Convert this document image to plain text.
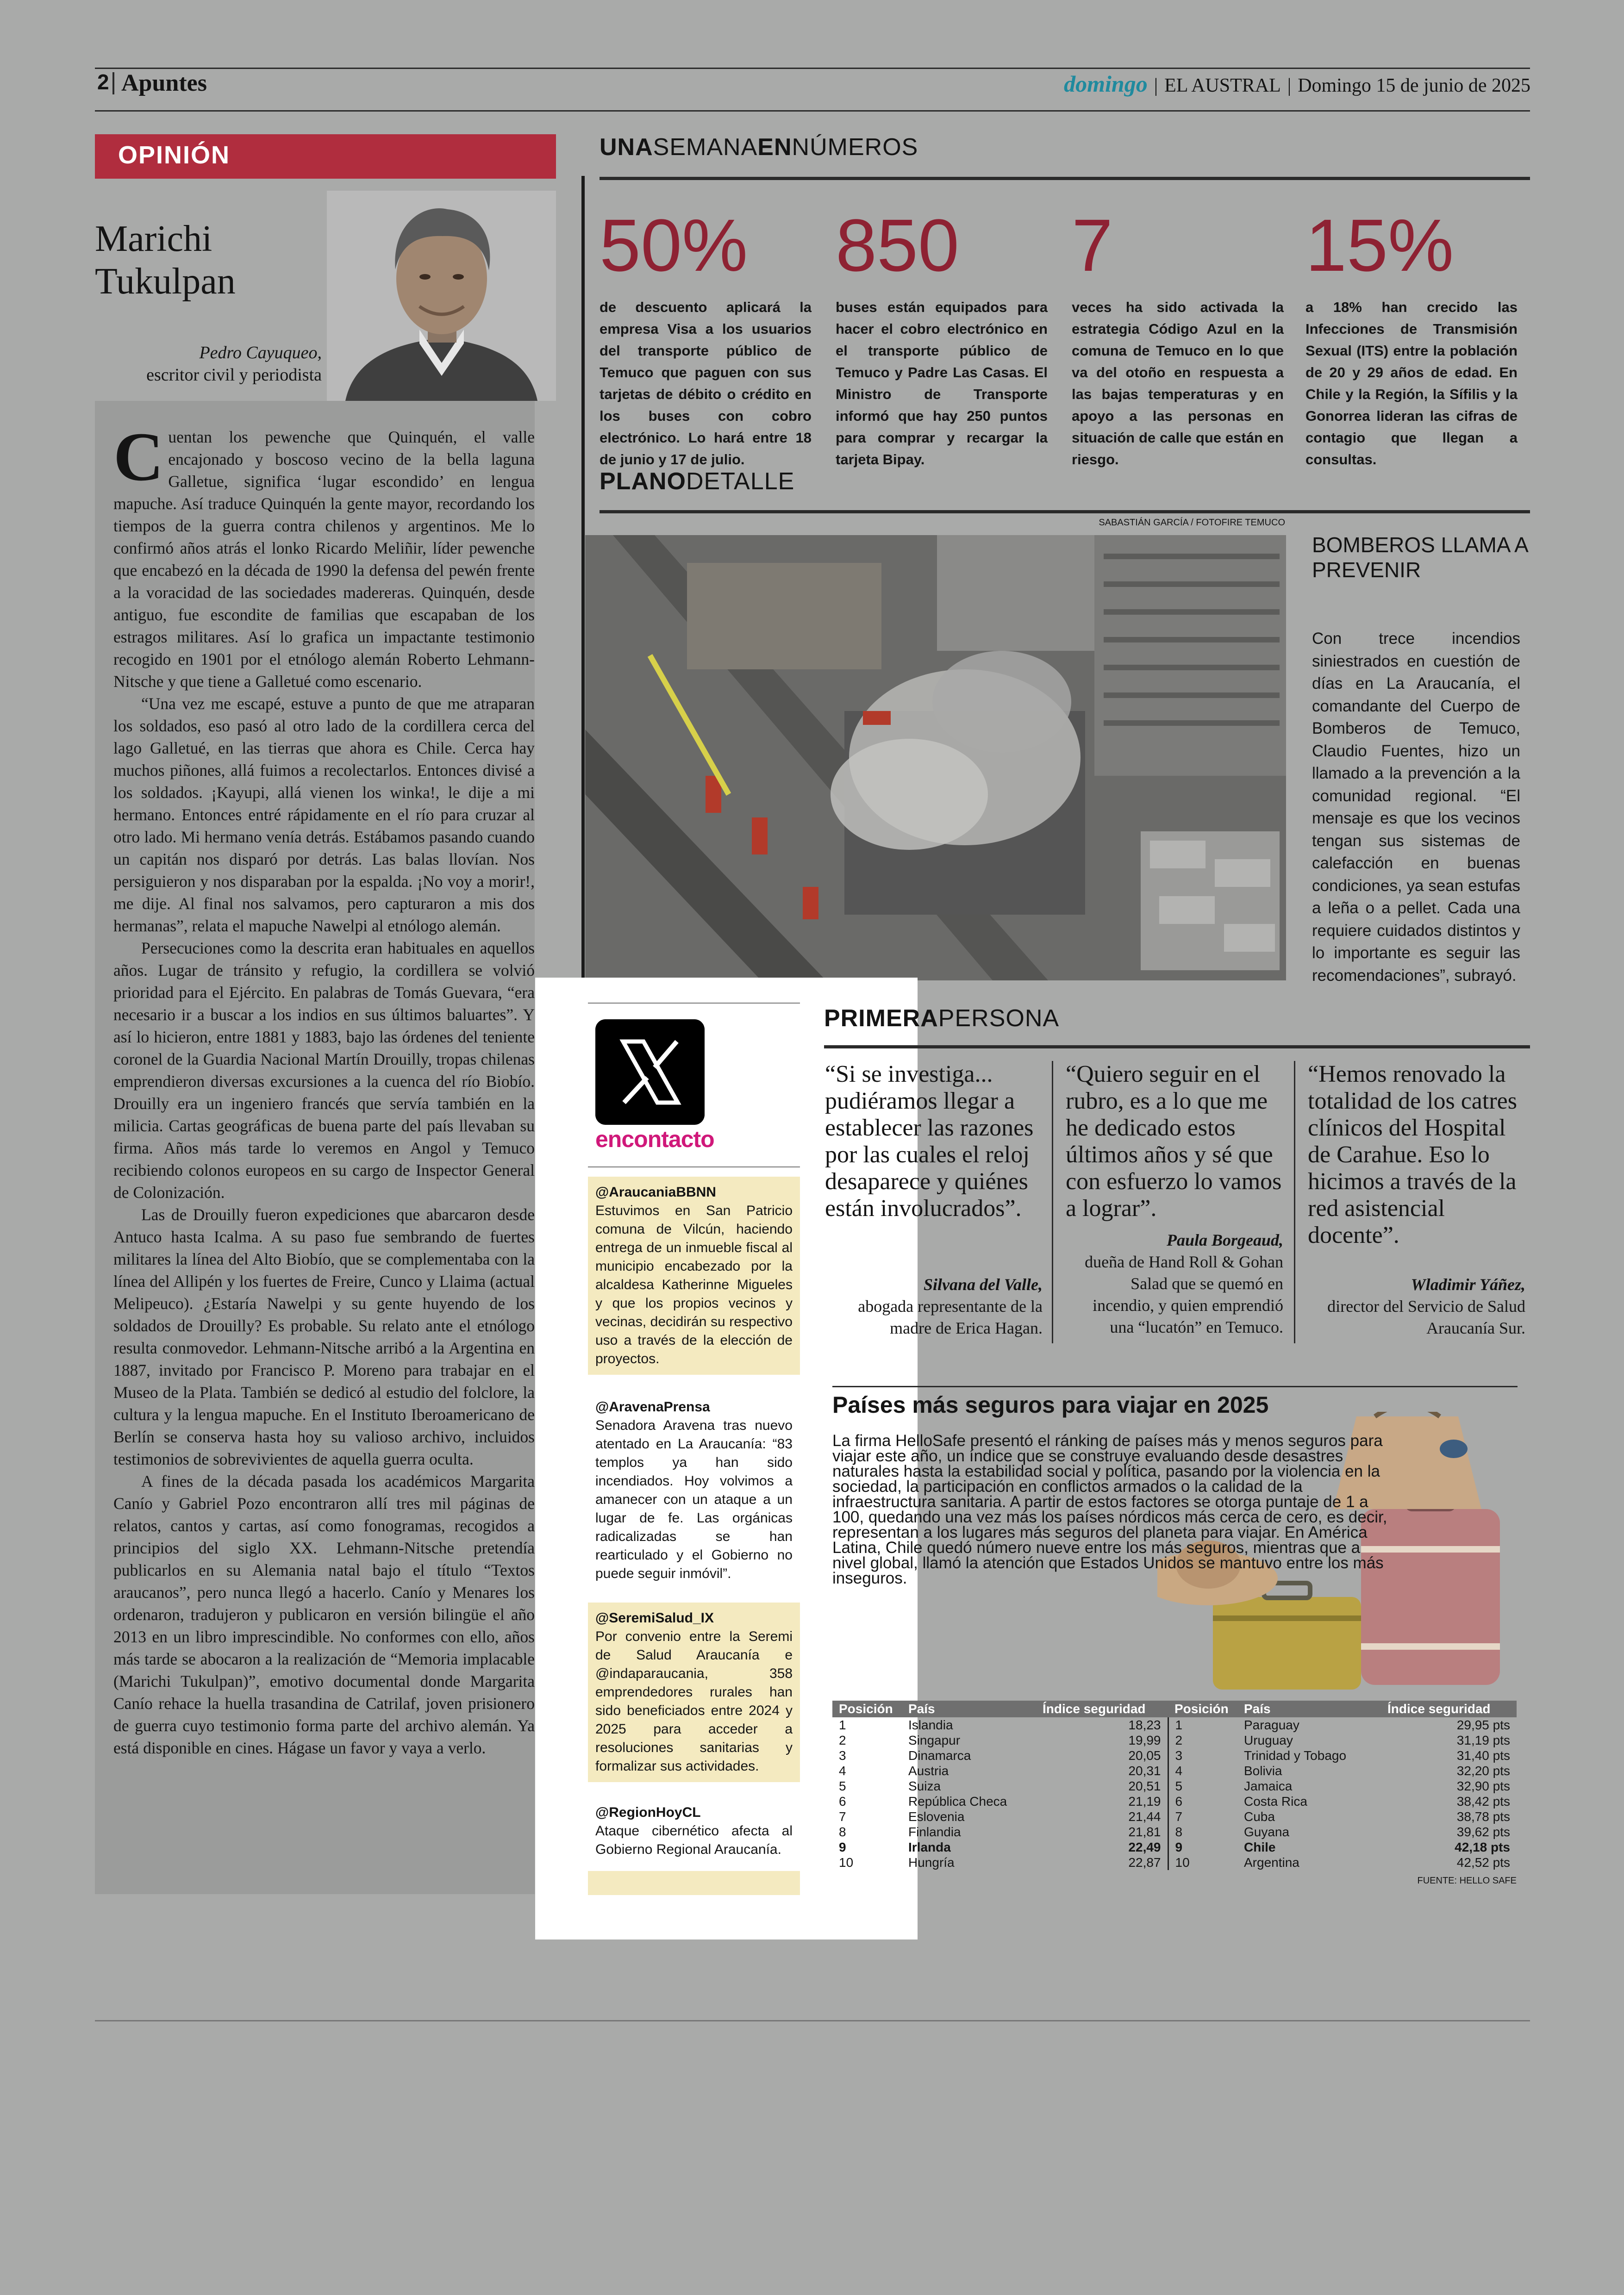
2 Apuntes	domingo | EL AUSTRAL | Domingo 15 de junio de 2025
OPINIÓN
Marichi
Tukulpan
Pedro Cayuqueo,
escritor civil y periodista

Cuentan los pewenche que Quinquén, el valle encajonado y boscoso vecino de la bella laguna Galletue, significa ‘lugar escondido’ en lengua mapuche. Así traduce Quinquén la gente mayor, recordando los tiempos de la guerra contra chilenos y argentinos. Me lo confirmó años atrás el lonko Ricardo Meliñir, líder pewenche que encabezó en la década de 1990 la defensa del pewén frente a la voracidad de las sociedades madereras. Quinquén, desde antiguo, fue escondite de familias que escapaban de los estragos militares. Así lo grafica un impactante testimonio recogido en 1901 por el etnólogo alemán Roberto Lehmann-Nitsche y que tiene a Galletué como escenario.

“Una vez me escapé, estuve a punto de que me atraparan los soldados, eso pasó al otro lado de la cordillera cerca del lago Galletué, en las tierras que ahora es Chile. Cerca hay muchos piñones, allá fuimos a recolectarlos. Entonces divisé a los soldados. ¡Kayupi, allá vienen los winka!, le dije a mi hermano. Entonces entré rápidamente en el río para cruzar al otro lado. Mi hermano venía detrás. Estábamos pasando cuando un capitán nos disparó por detrás. Las balas llovían. Nos persiguieron y nos disparaban por la espalda. ¡No voy a morir!, me dije. Al final nos salvamos, pero capturaron a mis dos hermanas”, relata el mapuche Nawelpi al etnólogo alemán.

Persecuciones como la descrita eran habituales en aquellos años. Lugar de tránsito y refugio, la cordillera se volvió prioridad para el Ejército. En palabras de Tomás Guevara, “era necesario ir a buscar a los indios en sus últimos baluartes”. Y así lo hicieron, entre 1881 y 1883, bajo las órdenes del teniente coronel de la Guardia Nacional Martín Drouilly, tropas chilenas emprendieron diversas excursiones a la cuenca del río Biobío. Drouilly era un ingeniero francés que servía también en la milicia. Cartas geográficas de buena parte del país llevaban su firma. Años más tarde lo veremos en Angol y Temuco recibiendo colonos europeos en su cargo de Inspector General de Colonización.

Las de Drouilly fueron expediciones que abarcaron desde Antuco hasta Icalma. A su paso fue sembrando de fuertes militares la línea del Alto Biobío, que se complementaba con la línea del Allipén y los fuertes de Freire, Cunco y Llaima (actual Melipeuco). ¿Estaría Nawelpi y su gente huyendo de los soldados de Drouilly? Es probable. Su relato ante el etnólogo resulta conmovedor. Lehmann-Nitsche arribó a la Argentina en 1887, invitado por Francisco P. Moreno para trabajar en el Museo de la Plata. También se dedicó al estudio del folclore, la cultura y la lengua mapuche. En el Instituto Iberoamericano de Berlín se conserva hasta hoy su valioso archivo, incluidos testimonios de sobrevivientes de aquella guerra oculta.

A fines de la década pasada los académicos Margarita Canío y Gabriel Pozo encontraron allí tres mil páginas de relatos, cantos y cartas, así como fonogramas, recogidos a principios del siglo XX. Lehmann-Nitsche pretendía publicarlos en su Alemania natal bajo el título “Textos araucanos”, pero nunca llegó a hacerlo. Canío y Menares los ordenaron, tradujeron y publicaron en versión bilingüe el año 2013 en un libro imprescindible. No conformes con ello, años más tarde se abocaron a la realización de “Memoria implacable (Marichi Tukulpan)”, emotivo documental donde Margarita Canío rehace la huella trasandina de Catrilaf, joven prisionero de guerra cuyo testimonio forma parte del archivo alemán. Ya está disponible en cines. Hágase un favor y vaya a verlo.

UNASEMANAENNÚMEROS
50%
de descuento aplicará la empresa Visa a los usuarios del transporte público de Temuco que paguen con sus tarjetas de débito o crédito en los buses con cobro electrónico. Lo hará entre 18 de junio y 17 de julio.
850
buses están equipados para hacer el cobro electrónico en el transporte público de Temuco y Padre Las Casas. El Ministro de Transporte informó que hay 250 puntos para comprar y recargar la tarjeta Bipay.
7
veces ha sido activada la estrategia Código Azul en la comuna de Temuco en lo que va del otoño en respuesta a las bajas temperaturas y en apoyo a las personas en situación de calle que están en riesgo.
15%
a 18% han crecido las Infecciones de Transmisión Sexual (ITS) entre la población de 20 y 29 años de edad. En Chile y la Región, la Sífilis y la Gonorrea lideran las cifras de contagio que llegan a consultas.
PLANODETALLE
SABASTIÁN GARCÍA / FOTOFIRE TEMUCO
BOMBEROS LLAMA A PREVENIR
Con trece incendios siniestrados en cuestión de días en La Araucanía, el comandante del Cuerpo de Bomberos de Temuco, Claudio Fuentes, hizo un llamado a la prevención a la comunidad regional. “El mensaje es que los vecinos tengan sus sistemas de calefacción en buenas condiciones, ya sean estufas a leña o a pellet. Cada una requiere cuidados distintos y lo importante es seguir las recomendaciones”, subrayó.
encontacto
@AraucaniaBBNN
Estuvimos en San Patricio comuna de Vilcún, haciendo entrega de un inmueble fiscal al municipio encabezado por la alcaldesa Katherinne Migueles y que los propios vecinos y vecinas, decidirán su respectivo uso a través de la elección de proyectos.
@AravenaPrensa
Senadora Aravena tras nuevo atentado en La Araucanía: “83 templos ya han sido incendiados. Hoy volvimos a amanecer con un ataque a un lugar de fe. Las orgánicas radicalizadas se han rearticulado y el Gobierno no puede seguir inmóvil”.
@SeremiSalud_IX
Por convenio entre la Seremi de Salud Araucanía e @indaparaucania, 358 emprendedores rurales han sido beneficiados entre 2024 y 2025 para acceder a resoluciones sanitarias y formalizar sus actividades.
@RegionHoyCL
Ataque cibernético afecta al Gobierno Regional Araucanía.
PRIMERAPERSONA
“Si se investiga... pudiéramos llegar a establecer las razones por las cuales el reloj desaparece y quiénes están involucrados”.
Silvana del Valle,
abogada representante de la madre de Erica Hagan.
“Quiero seguir en el rubro, es a lo que me he dedicado estos últimos años y sé que con esfuerzo lo vamos a lograr”.
Paula Borgeaud,
dueña de Hand Roll & Gohan Salad que se quemó en incendio, y quien emprendió una “lucatón” en Temuco.
“Hemos renovado la totalidad de los catres clínicos del Hospital de Carahue. Eso lo hicimos a través de la red asistencial docente”.
Wladimir Yáñez,
director del Servicio de Salud Araucanía Sur.
Países más seguros para viajar en 2025
La firma HelloSafe presentó el ránking de países más y menos seguros para viajar este año, un índice que se construye evaluando desde desastres naturales hasta la estabilidad social y política, pasando por la violencia en la sociedad, la participación en conflictos armados o la calidad de la infraestructura sanitaria. A partir de estos factores se otorga puntaje de 1 a 100, quedando una vez más los países nórdicos más cerca de cero, es decir, representan a los lugares más seguros del planeta para viajar. En América Latina, Chile quedó número nueve entre los más seguros, mientras que a nivel global, llamó la atención que Estados Unidos se mantuvo entre los más inseguros.
Posición	País	Índice seguridad	Posición	País	Índice seguridad
1	Islandia	18,23	1	Paraguay	29,95 pts
2	Singapur	19,99	2	Uruguay	31,19 pts
3	Dinamarca	20,05	3	Trinidad y Tobago	31,40 pts
4	Austria	20,31	4	Bolivia	32,20 pts
5	Suiza	20,51	5	Jamaica	32,90 pts
6	República Checa	21,19	6	Costa Rica	38,42 pts
7	Eslovenia	21,44	7	Cuba	38,78 pts
8	Finlandia	21,81	8	Guyana	39,62 pts
9	Irlanda	22,49	9	Chile	42,18 pts
10	Hungría	22,87	10	Argentina	42,52 pts
FUENTE: HELLO SAFE
